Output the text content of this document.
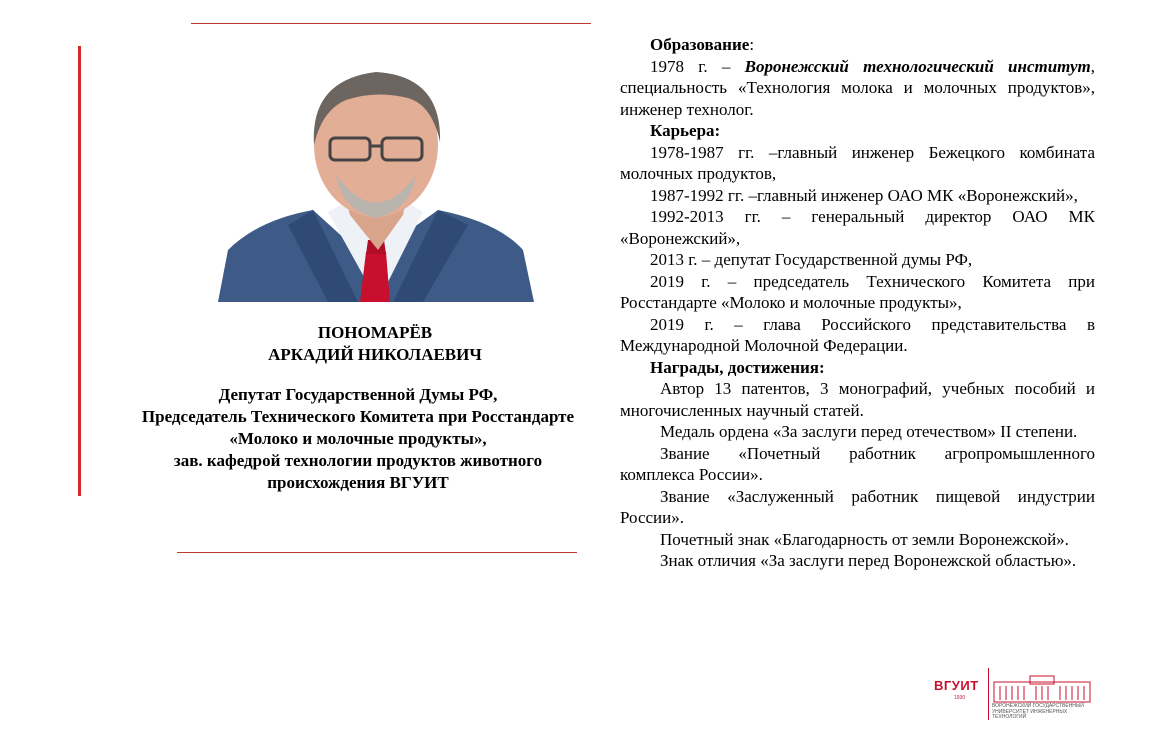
ПОНОМАРЁВ
АРКАДИЙ НИКОЛАЕВИЧ
Депутат Государственной Думы РФ,
Председатель Технического Комитета при Росстандарте
«Молоко и молочные продукты»,
зав. кафедрой технологии продуктов животного
происхождения ВГУИТ

Образование:

1978 г. – Воронежский технологический институт, специальность «Технология молока и молочных продуктов», инженер технолог.

Карьера:

1978-1987 гг. –главный инженер Бежецкого комбината молочных продуктов,

1987-1992 гг. –главный инженер ОАО МК «Воронежский»,

1992-2013 гг. – генеральный директор ОАО МК «Воронежский»,

2013 г. – депутат Государственной думы РФ,

2019 г. – председатель Технического Комитета при Росстандарте «Молоко и молочные продукты»,

2019 г. – глава Российского представительства в Международной Молочной Федерации.

Награды, достижения:

Автор 13 патентов, 3 монографий, учебных пособий и многочисленных научный статей.

Медаль ордена «За заслуги перед отечеством» II степени.

Звание «Почетный работник агропромышленного комплекса России».

Звание «Заслуженный работник пищевой индустрии России».

Почетный знак «Благодарность от земли Воронежской».

Знак отличия «За заслуги перед Воронежской областью».

ВГУИТ
1930
ВОРОНЕЖСКИЙ ГОСУДАРСТВЕННЫЙ УНИВЕРСИТЕТ ИНЖЕНЕРНЫХ ТЕХНОЛОГИЙ
